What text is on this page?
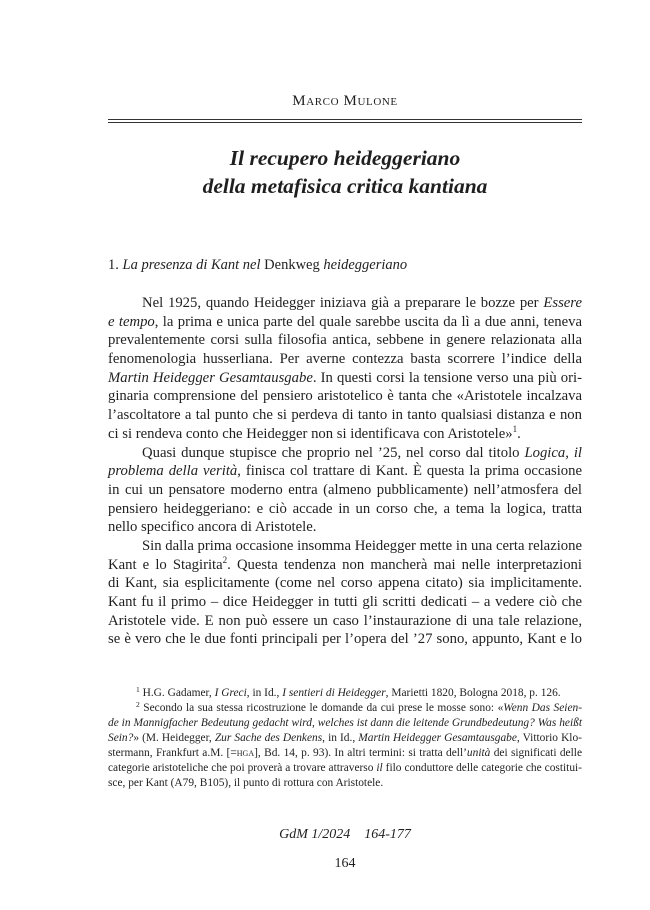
Marco Mulone
Il recupero heideggeriano
della metafisica critica kantiana
1. La presenza di Kant nel Denkweg heideggeriano
Nel 1925, quando Heidegger iniziava già a preparare le bozze per Essere
e tempo, la prima e unica parte del quale sarebbe uscita da lì a due anni, teneva
prevalentemente corsi sulla filosofia antica, sebbene in genere relazionata alla
fenomenologia husserliana. Per averne contezza basta scorrere l’indice della
Martin Heidegger Gesamtausgabe. In questi corsi la tensione verso una più ori-
ginaria comprensione del pensiero aristotelico è tanta che «Aristotele incalzava
l’ascoltatore a tal punto che si perdeva di tanto in tanto qualsiasi distanza e non
ci si rendeva conto che Heidegger non si identificava con Aristotele»$^1$.
Quasi dunque stupisce che proprio nel ’25, nel corso dal titolo Logica, il
problema della verità, finisca col trattare di Kant. È questa la prima occasione
in cui un pensatore moderno entra (almeno pubblicamente) nell’atmosfera del
pensiero heideggeriano: e ciò accade in un corso che, a tema la logica, tratta
nello specifico ancora di Aristotele.
Sin dalla prima occasione insomma Heidegger mette in una certa relazione
Kant e lo Stagirita$^2$. Questa tendenza non mancherà mai nelle interpretazioni
di Kant, sia esplicitamente (come nel corso appena citato) sia implicitamente.
Kant fu il primo – dice Heidegger in tutti gli scritti dedicati – a vedere ciò che
Aristotele vide. E non può essere un caso l’instaurazione di una tale relazione,
se è vero che le due fonti principali per l’opera del ’27 sono, appunto, Kant e lo
$^1$ H.G. Gadamer, I Greci, in Id., I sentieri di Heidegger, Marietti 1820, Bologna 2018, p. 126.
$^2$ Secondo la sua stessa ricostruzione le domande da cui prese le mosse sono: «Wenn Das Seien-
de in Mannigfacher Bedeutung gedacht wird, welches ist dann die leitende Grundbedeutung? Was heißt
Sein?» (M. Heidegger, Zur Sache des Denkens, in Id., Martin Heidegger Gesamtausgabe, Vittorio Klo-
stermann, Frankfurt a.M. [=hga], Bd. 14, p. 93). In altri termini: si tratta dell’unità dei significati delle
categorie aristoteliche che poi proverà a trovare attraverso il filo conduttore delle categorie che costitui-
sce, per Kant (A79, B105), il punto di rottura con Aristotele.
GdM 1/2024    164-177
164
